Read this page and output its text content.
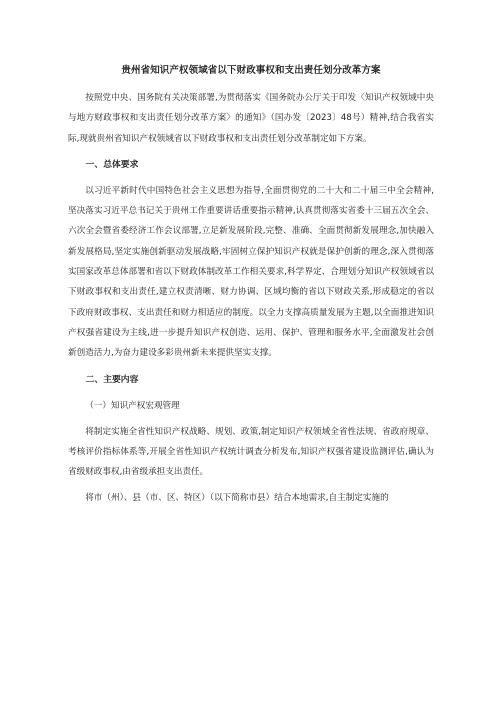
贵州省知识产权领域省以下财政事权和支出责任划分改革方案

按照党中央、国务院有关决策部署,为贯彻落实《国务院办公厅关于印发〈知识产权领域中央与地方财政事权和支出责任划分改革方案〉的通知》（国办发〔2023〕48号）精神,结合我省实际,现就贵州省知识产权领域省以下财政事权和支出责任划分改革制定如下方案。

一、总体要求

以习近平新时代中国特色社会主义思想为指导,全面贯彻党的二十大和二十届三中全会精神,坚决落实习近平总书记关于贵州工作重要讲话重要指示精神,认真贯彻落实省委十三届五次全会、六次全会暨省委经济工作会议部署,立足新发展阶段,完整、准确、全面贯彻新发展理念,加快融入新发展格局,坚定实施创新驱动发展战略,牢固树立保护知识产权就是保护创新的理念,深入贯彻落实国家改革总体部署和省以下财政体制改革工作相关要求,科学界定、合理划分知识产权领域省以下财政事权和支出责任,建立权责清晰、财力协调、区域均衡的省以下财政关系,形成稳定的省以下政府财政事权、支出责任和财力相适应的制度。以全力支撑高质量发展为主题,以全面推进知识产权强省建设为主线,进一步提升知识产权创造、运用、保护、管理和服务水平,全面激发社会创新创造活力,为奋力建设多彩贵州新未来提供坚实支撑。

二、主要内容
（一）知识产权宏观管理

将制定实施全省性知识产权战略、规划、政策,制定知识产权领域全省性法规、省政府规章、考核评价指标体系等,开展全省性知识产权统计调查分析发布,知识产权强省建设监测评估,确认为省级财政事权,由省级承担支出责任。

将市（州）、县（市、区、特区）（以下简称市县）结合本地需求,自主制定实施的
